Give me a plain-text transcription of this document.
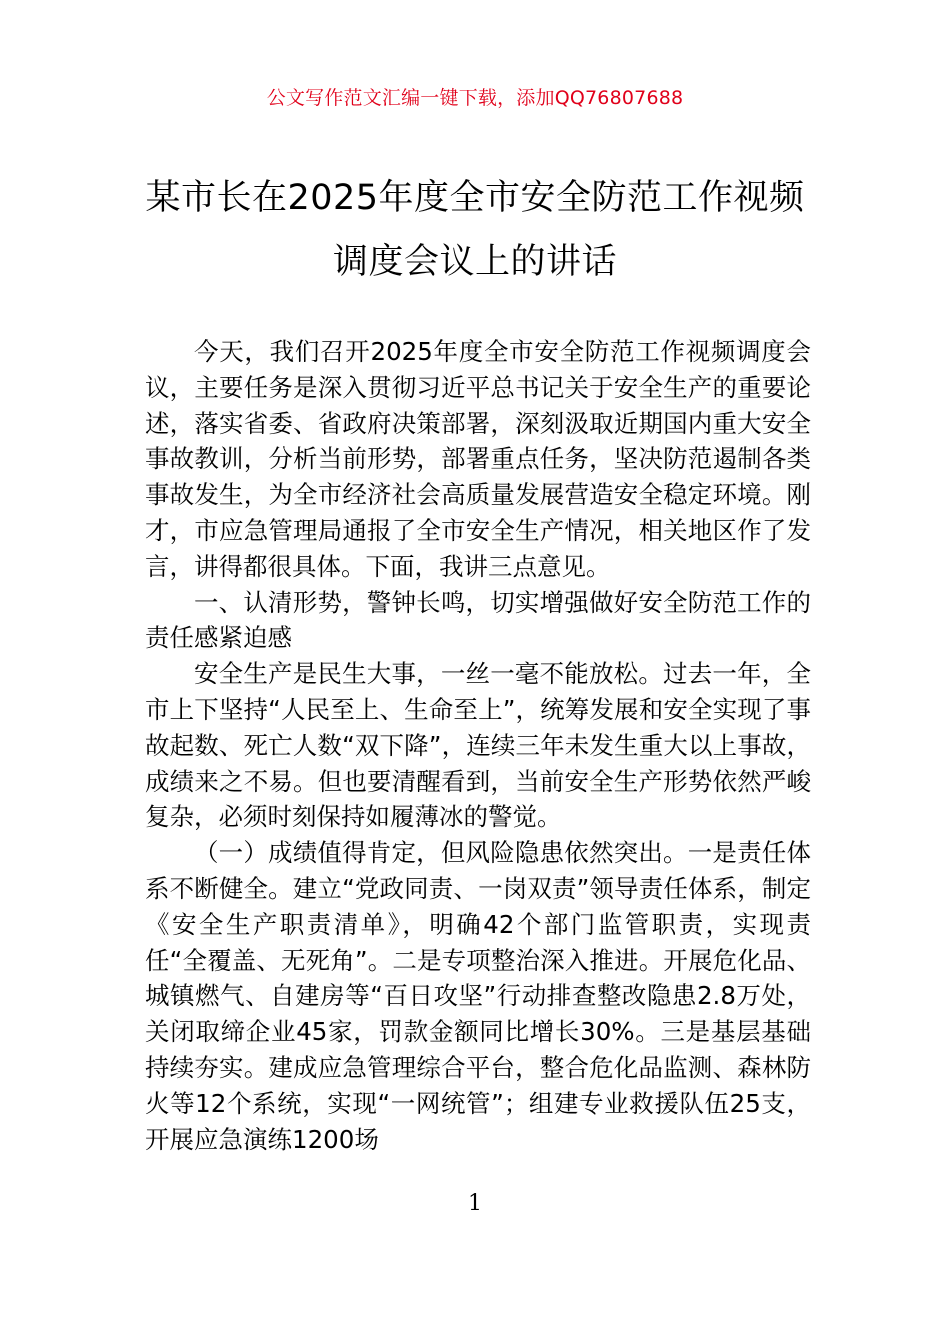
公文写作范文汇编一键下载，添加QQ76807688
某市长在2025年度全市安全防范工作视频
调度会议上的讲话

今天，我们召开2025年度全市安全防范工作视频调度会议，主要任务是深入贯彻习近平总书记关于安全生产的重要论述，落实省委、省政府决策部署，深刻汲取近期国内重大安全事故教训，分析当前形势，部署重点任务，坚决防范遏制各类事故发生，为全市经济社会高质量发展营造安全稳定环境。刚才，市应急管理局通报了全市安全生产情况，相关地区作了发言，讲得都很具体。下面，我讲三点意见。

一、认清形势，警钟长鸣，切实增强做好安全防范工作的责任感紧迫感

安全生产是民生大事，一丝一毫不能放松。过去一年，全市上下坚持“人民至上、生命至上”，统筹发展和安全实现了事故起数、死亡人数“双下降”，连续三年未发生重大以上事故，成绩来之不易。但也要清醒看到，当前安全生产形势依然严峻复杂，必须时刻保持如履薄冰的警觉。

（一）成绩值得肯定，但风险隐患依然突出。一是责任体系不断健全。建立“党政同责、一岗双责”领导责任体系，制定《安全生产职责清单》，明确42个部门监管职责，实现责任“全覆盖、无死角”。二是专项整治深入推进。开展危化品、城镇燃气、自建房等“百日攻坚”行动排查整改隐患2.8万处，关闭取缔企业45家，罚款金额同比增长30%。三是基层基础持续夯实。建成应急管理综合平台，整合危化品监测、森林防火等12个系统，实现“一网统管”；组建专业救援队伍25支，开展应急演练1200场

1
